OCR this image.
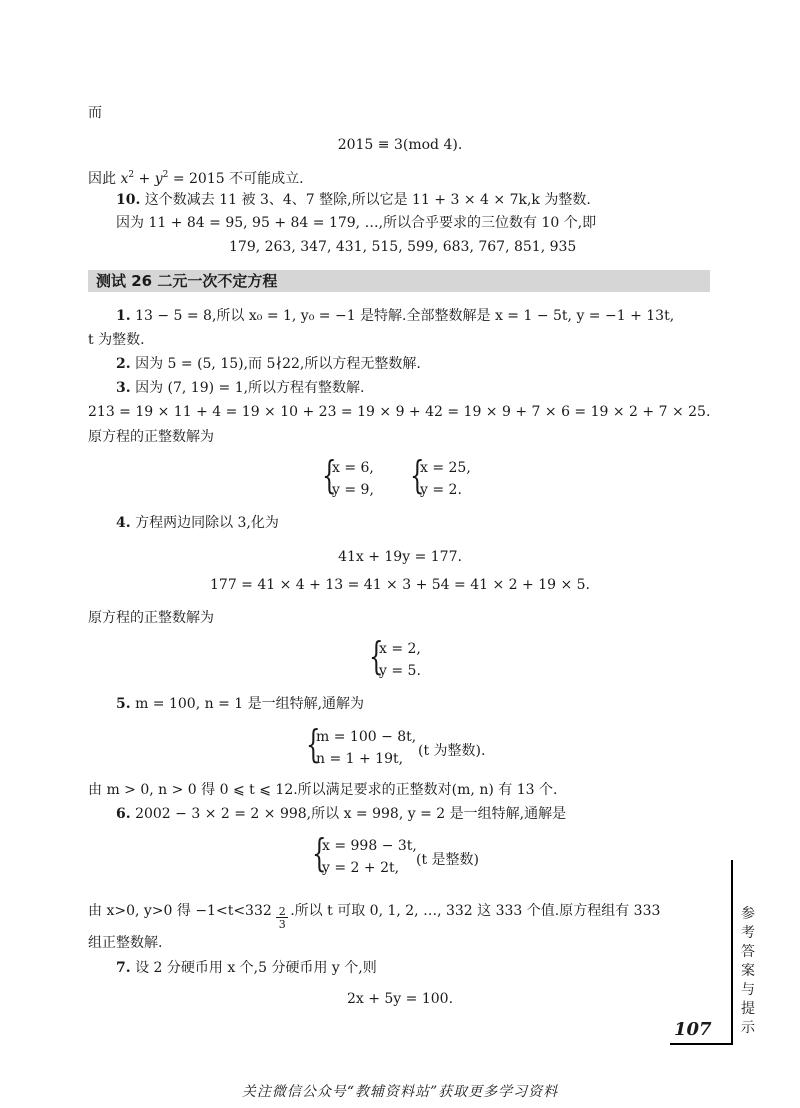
而
2015 ≡ 3(mod 4).
因此 $x^2 + y^2 = 2015$ 不可能成立.
10. 这个数减去 11 被 3、4、7 整除,所以它是 11 + 3 × 4 × 7k,k 为整数.
因为 11 + 84 = 95, 95 + 84 = 179, …,所以合乎要求的三位数有 10 个,即
179, 263, 347, 431, 515, 599, 683, 767, 851, 935
测试 26 二元一次不定方程
1. 13 − 5 = 8,所以 x₀ = 1, y₀ = −1 是特解.全部整数解是 x = 1 − 5t, y = −1 + 13t,
t 为整数.
2. 因为 5 = (5, 15),而 5∤22,所以方程无整数解.
3. 因为 (7, 19) = 1,所以方程有整数解.
213 = 19 × 11 + 4 = 19 × 10 + 23 = 19 × 9 + 42 = 19 × 9 + 7 × 6 = 19 × 2 + 7 × 25.
原方程的正整数解为
{
x = 6,
y = 9, {
x = 25,
y = 2.
4. 方程两边同除以 3,化为
41x + 19y = 177.
177 = 41 × 4 + 13 = 41 × 3 + 54 = 41 × 2 + 19 × 5.
原方程的正整数解为
{
x = 2,
y = 5.
5. m = 100, n = 1 是一组特解,通解为
{
m = 100 − 8t,
n = 1 + 19t, (t 为整数).
由 m > 0, n > 0 得 0 ⩽ t ⩽ 12.所以满足要求的正整数对(m, n) 有 13 个.
6. 2002 − 3 × 2 = 2 × 998,所以 x = 998, y = 2 是一组特解,通解是
{
x = 998 − 3t,
y = 2 + 2t, (t 是整数)
由 x>0, y>0 得 −1<t<332
$\frac{2}{3}$
.所以 t 可取 0, 1, 2, …, 332 这 333 个值.原方程组有 333
组正整数解.
7. 设 2 分硬币用 x 个,5 分硬币用 y 个,则
2x + 5y = 100.
参考答案与提示
107
关注微信公众号“教辅资料站”获取更多学习资料
